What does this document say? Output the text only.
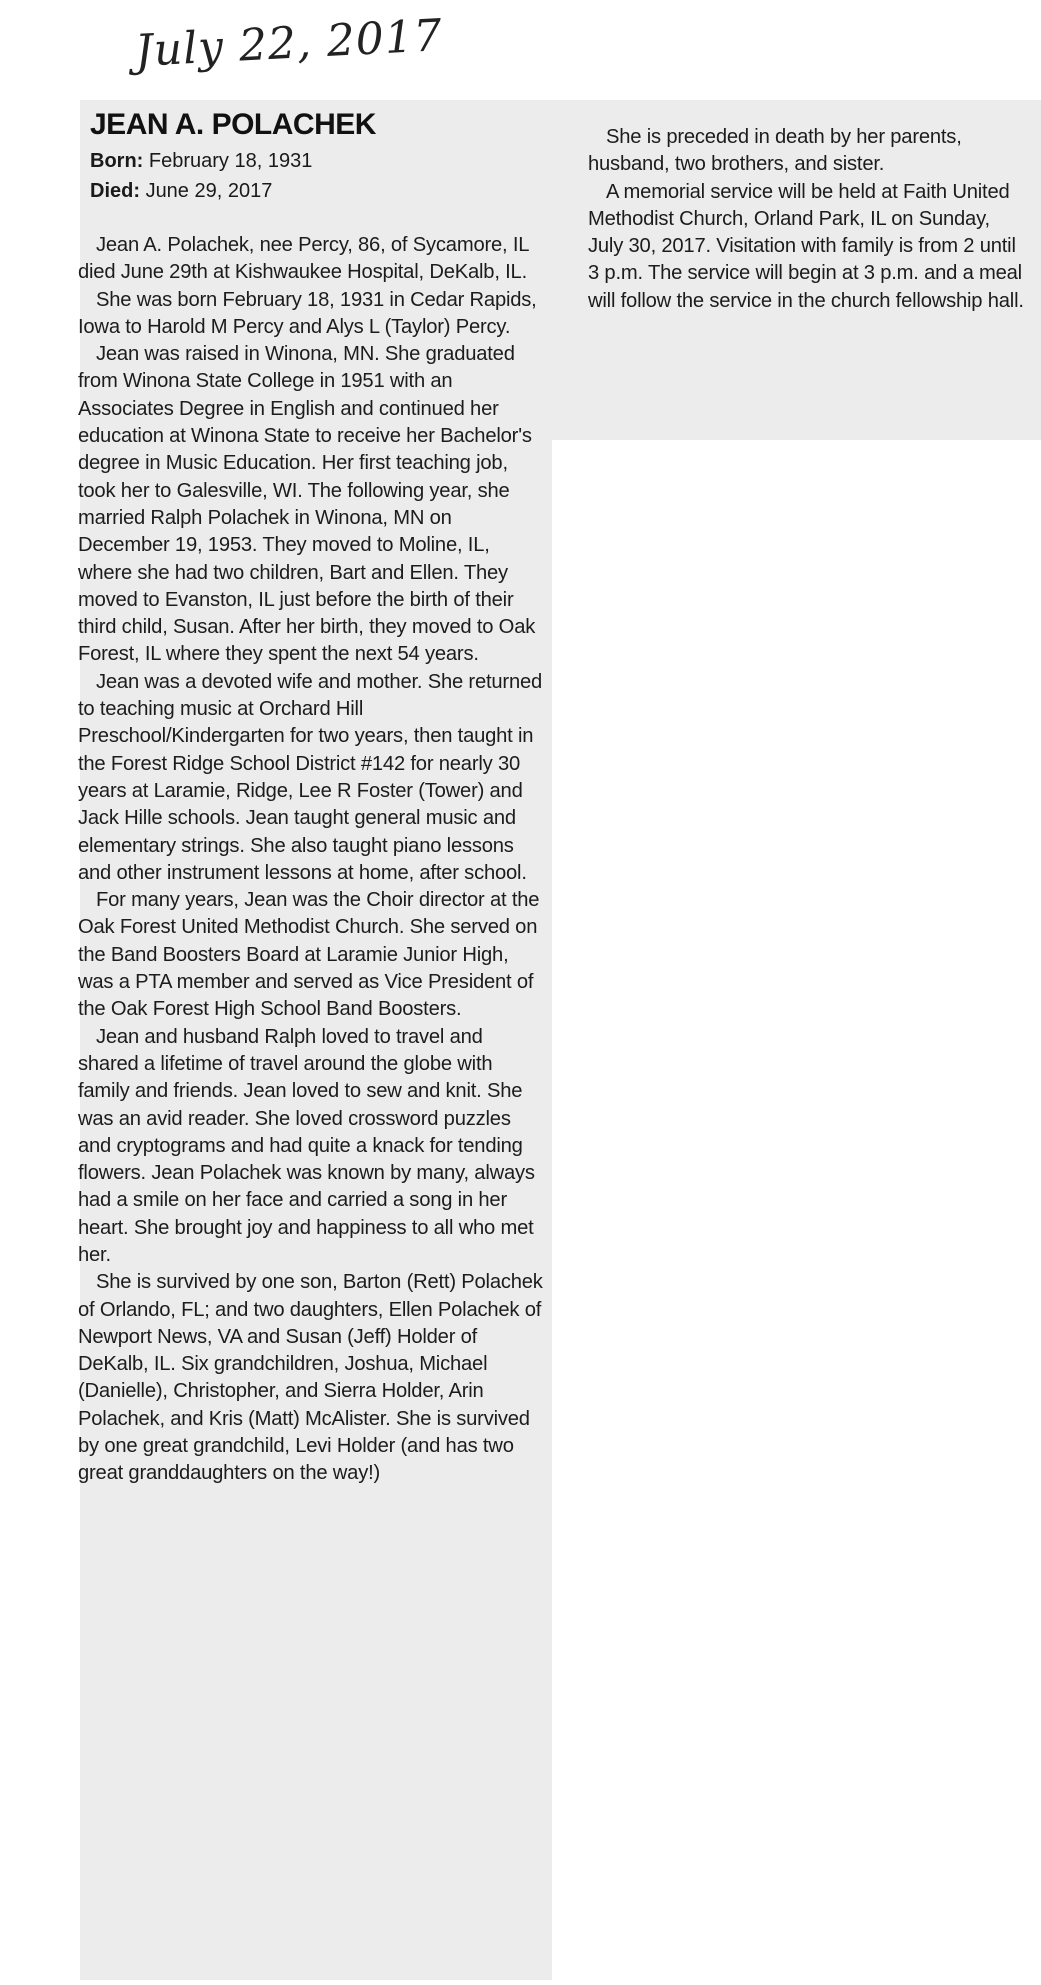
July 22, 2017
JEAN A. POLACHEK
Born: February 18, 1931
Died: June 29, 2017

Jean A. Polachek, nee Percy, 86, of Sycamore, IL died June 29th at Kishwaukee Hospital, DeKalb, IL.

She was born February 18, 1931 in Cedar Rapids, Iowa to Harold M Percy and Alys L (Taylor) Percy.

Jean was raised in Winona, MN. She graduated from Winona State College in 1951 with an Associates Degree in English and continued her education at Winona State to receive her Bachelor's degree in Music Education. Her first teaching job, took her to Galesville, WI. The following year, she married Ralph Polachek in Winona, MN on December 19, 1953. They moved to Moline, IL, where she had two children, Bart and Ellen. They moved to Evanston, IL just before the birth of their third child, Susan. After her birth, they moved to Oak Forest, IL where they spent the next 54 years.

Jean was a devoted wife and mother. She returned to teaching music at Orchard Hill Preschool/Kindergarten for two years, then taught in the Forest Ridge School District #142 for nearly 30 years at Laramie, Ridge, Lee R Foster (Tower) and Jack Hille schools. Jean taught general music and elementary strings. She also taught piano lessons and other instrument lessons at home, after school.

For many years, Jean was the Choir director at the Oak Forest United Methodist Church. She served on the Band Boosters Board at Laramie Junior High, was a PTA member and served as Vice President of the Oak Forest High School Band Boosters.

Jean and husband Ralph loved to travel and shared a lifetime of travel around the globe with family and friends. Jean loved to sew and knit. She was an avid reader. She loved crossword puzzles and cryptograms and had quite a knack for tending flowers. Jean Polachek was known by many, always had a smile on her face and carried a song in her heart. She brought joy and happiness to all who met her.

She is survived by one son, Barton (Rett) Polachek of Orlando, FL; and two daughters, Ellen Polachek of Newport News, VA and Susan (Jeff) Holder of DeKalb, IL. Six grandchildren, Joshua, Michael (Danielle), Christopher, and Sierra Holder, Arin Polachek, and Kris (Matt) McAlister. She is survived by one great grandchild, Levi Holder (and has two great granddaughters on the way!)

She is preceded in death by her parents, husband, two brothers, and sister.

A memorial service will be held at Faith United Methodist Church, Orland Park, IL on Sunday, July 30, 2017. Visitation with family is from 2 until 3 p.m. The service will begin at 3 p.m. and a meal will follow the service in the church fellowship hall.
